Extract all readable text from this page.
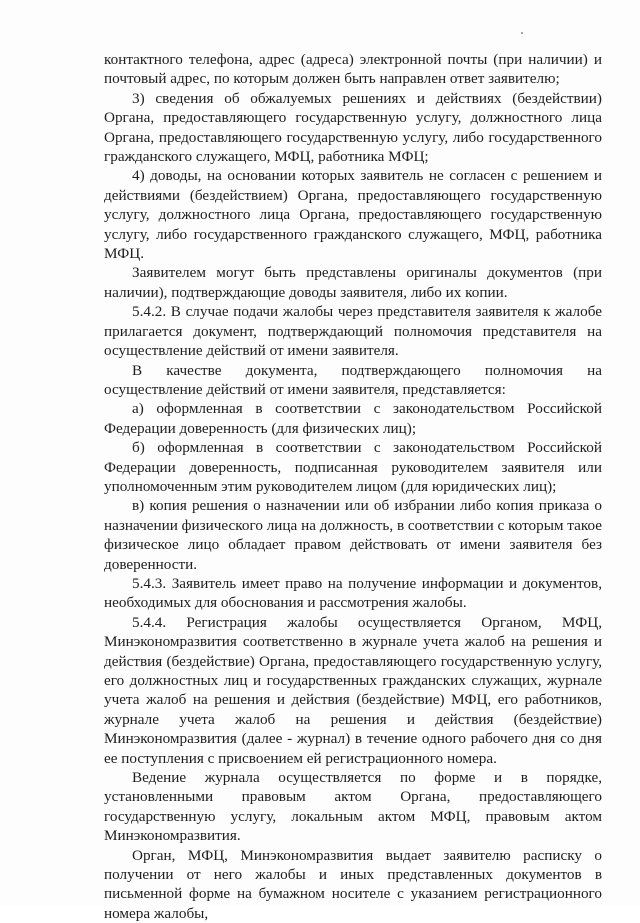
контактного телефона, адрес (адреса) электронной почты (при наличии) и почтовый адрес, по которым должен быть направлен ответ заявителю;

3) сведения об обжалуемых решениях и действиях (бездействии) Органа, предоставляющего государственную услугу, должностного лица Органа, предоставляющего государственную услугу, либо государственного гражданского служащего, МФЦ, работника МФЦ;

4) доводы, на основании которых заявитель не согласен с решением и действиями (бездействием) Органа, предоставляющего государственную услугу, должностного лица Органа, предоставляющего государственную услугу, либо государственного гражданского служащего, МФЦ, работника МФЦ.

Заявителем могут быть представлены оригиналы документов (при наличии), подтверждающие доводы заявителя, либо их копии.

5.4.2. В случае подачи жалобы через представителя заявителя к жалобе прилагается документ, подтверждающий полномочия представителя на осуществление действий от имени заявителя.

В качестве документа, подтверждающего полномочия на осуществление действий от имени заявителя, представляется:

а) оформленная в соответствии с законодательством Российской Федерации доверенность (для физических лиц);

б) оформленная в соответствии с законодательством Российской Федерации доверенность, подписанная руководителем заявителя или уполномоченным этим руководителем лицом (для юридических лиц);

в) копия решения о назначении или об избрании либо копия приказа о назначении физического лица на должность, в соответствии с которым такое физическое лицо обладает правом действовать от имени заявителя без доверенности.

5.4.3. Заявитель имеет право на получение информации и документов, необходимых для обоснования и рассмотрения жалобы.

5.4.4. Регистрация жалобы осуществляется Органом, МФЦ, Минэкономразвития соответственно в журнале учета жалоб на решения и действия (бездействие) Органа, предоставляющего государственную услугу, его должностных лиц и государственных гражданских служащих, журнале учета жалоб на решения и действия (бездействие) МФЦ, его работников, журнале учета жалоб на решения и действия (бездействие) Минэкономразвития (далее - журнал) в течение одного рабочего дня со дня ее поступления с присвоением ей регистрационного номера.

Ведение журнала осуществляется по форме и в порядке, установленными правовым актом Органа, предоставляющего государственную услугу, локальным актом МФЦ, правовым актом Минэкономразвития.

Орган, МФЦ, Минэкономразвития выдает заявителю расписку о получении от него жалобы и иных представленных документов в письменной форме на бумажном носителе с указанием регистрационного номера жалобы,
